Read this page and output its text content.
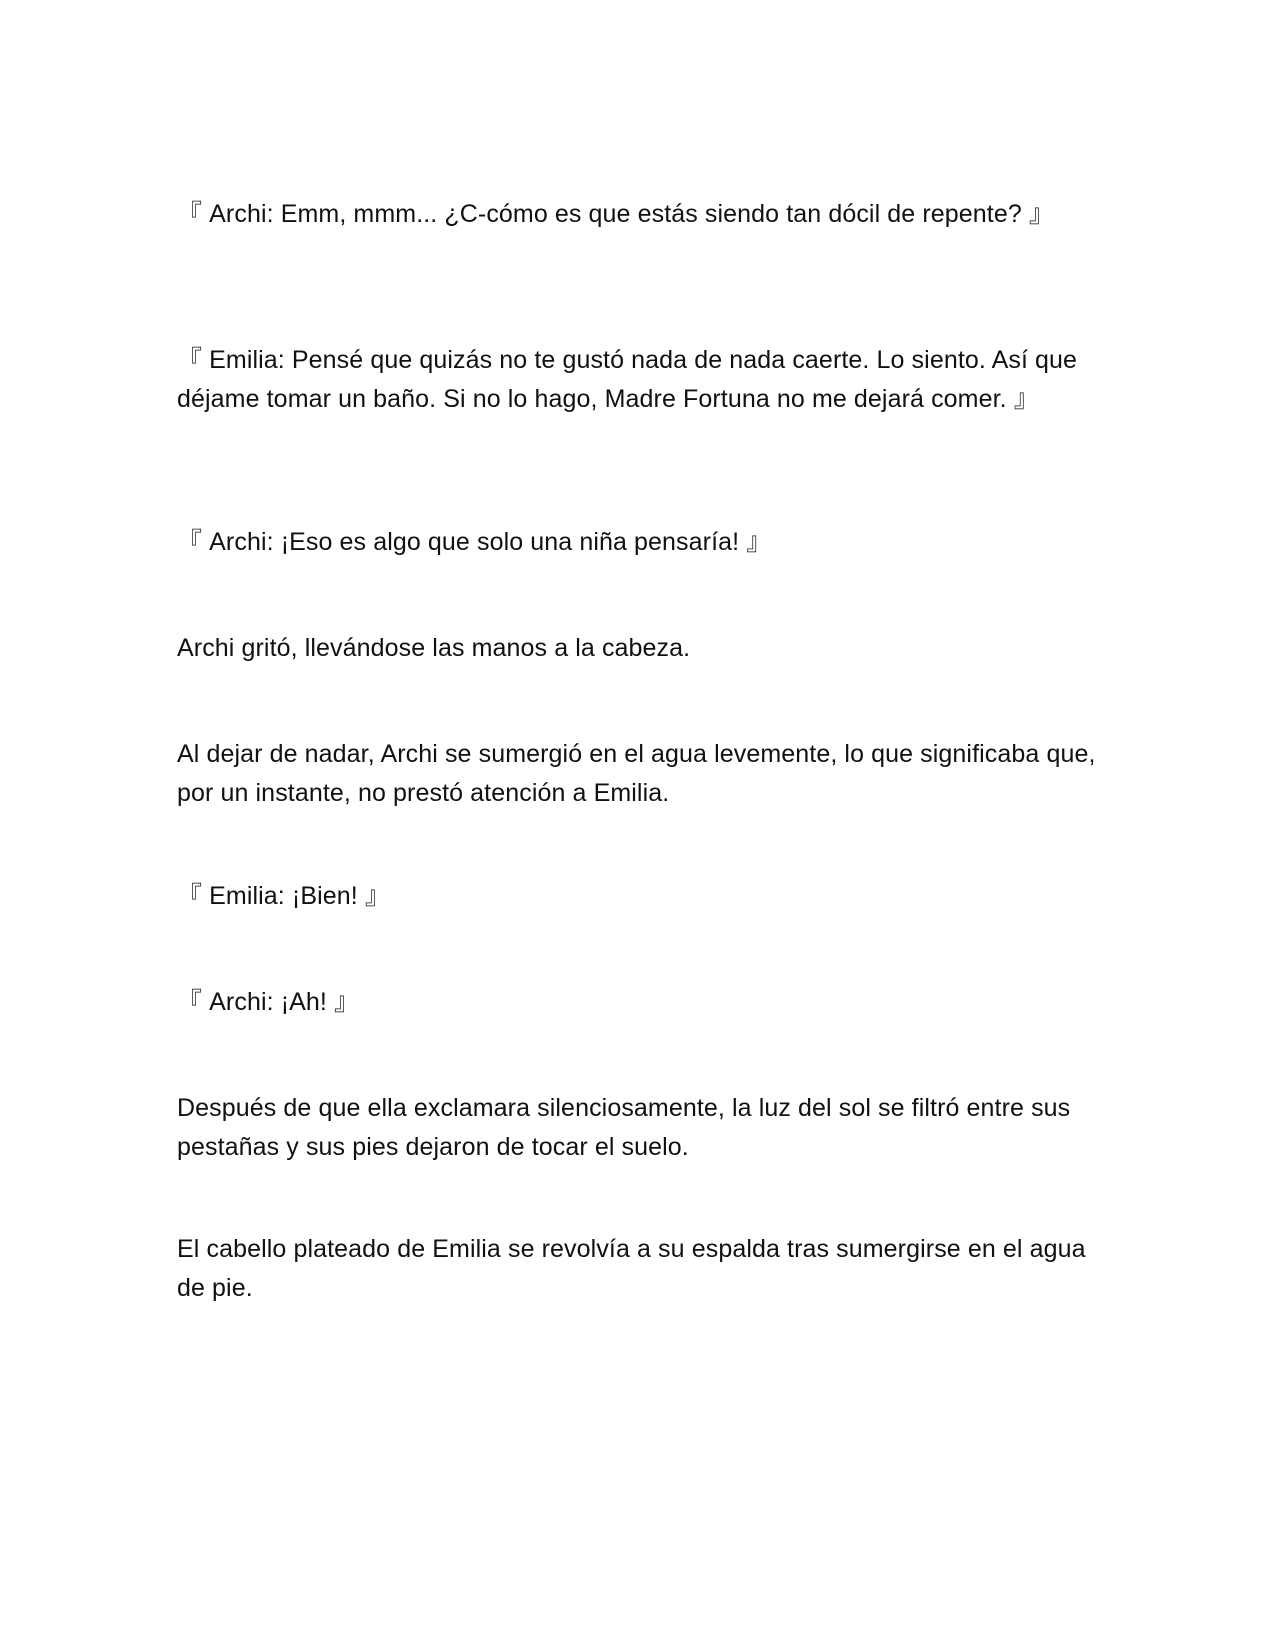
『 Archi: Emm, mmm... ¿C-cómo es que estás siendo tan dócil de repente? 』

『 Emilia: Pensé que quizás no te gustó nada de nada caerte. Lo siento. Así que déjame tomar un baño. Si no lo hago, Madre Fortuna no me dejará comer. 』

『 Archi: ¡Eso es algo que solo una niña pensaría! 』

Archi gritó, llevándose las manos a la cabeza.

Al dejar de nadar, Archi se sumergió en el agua levemente, lo que significaba que, por un instante, no prestó atención a Emilia.

『 Emilia: ¡Bien! 』

『 Archi: ¡Ah! 』

Después de que ella exclamara silenciosamente, la luz del sol se filtró entre sus pestañas y sus pies dejaron de tocar el suelo.

El cabello plateado de Emilia se revolvía a su espalda tras sumergirse en el agua de pie.
